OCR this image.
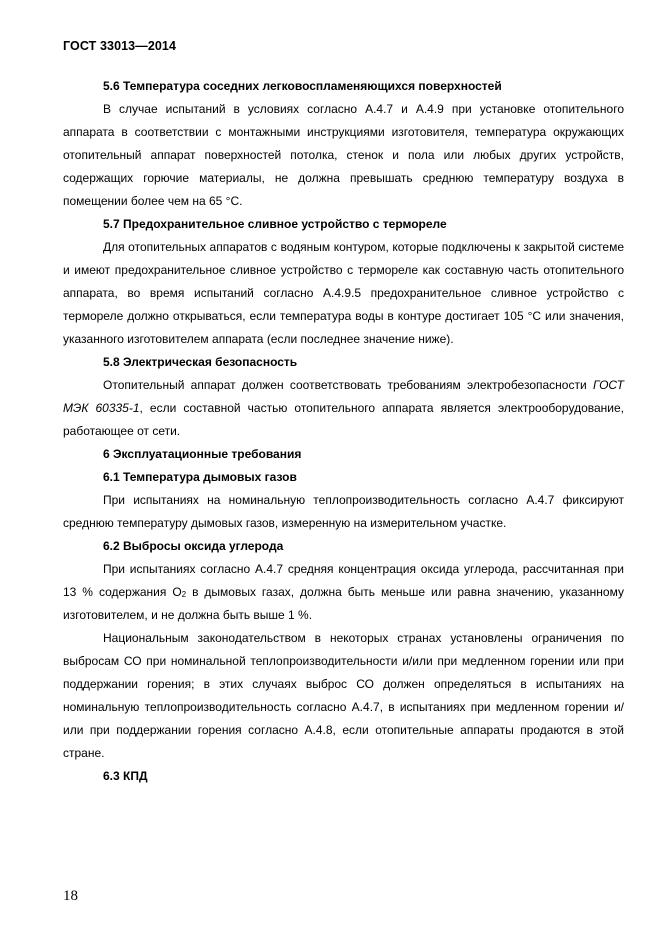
ГОСТ 33013—2014

5.6 Температура соседних легковоспламеняющихся поверхностей

В случае испытаний в условиях согласно А.4.7 и А.4.9 при установке отопительного аппарата в соответствии с монтажными инструкциями изготовителя, температура окружающих отопительный аппарат поверхностей потолка, стенок и пола или любых других устройств, содержащих горючие материалы, не должна превышать среднюю температуру воздуха в помещении более чем на 65 °С.

5.7 Предохранительное сливное устройство с термореле

Для отопительных аппаратов с водяным контуром, которые подключены к закрытой системе и имеют предохранительное сливное устройство с термореле как составную часть отопительного аппарата, во время испытаний согласно А.4.9.5 предохранительное сливное устройство с термореле должно открываться, если температура воды в контуре достигает 105 °С или значения, указанного изготовителем аппарата (если последнее значение ниже).

5.8 Электрическая безопасность

Отопительный аппарат должен соответствовать требованиям электробезопасности ГОСТ МЭК 60335-1, если составной частью отопительного аппарата является электрооборудование, работающее от сети.

6 Эксплуатационные требования

6.1 Температура дымовых газов

При испытаниях на номинальную теплопроизводительность согласно А.4.7 фиксируют среднюю температуру дымовых газов, измеренную на измерительном участке.

6.2 Выбросы оксида углерода

При испытаниях согласно А.4.7 средняя концентрация оксида углерода, рассчитанная при 13 % содержания $О_2$ в дымовых газах, должна быть меньше или равна значению, указанному изготовителем, и не должна быть выше 1 %.

Национальным законодательством в некоторых странах установлены ограничения по выбросам СО при номинальной теплопроизводительности и/или при медленном горении или при поддержании горения; в этих случаях выброс СО должен определяться в испытаниях на номинальную теплопроизводительность согласно А.4.7, в испытаниях при медленном горении и/или при поддержании горения согласно А.4.8, если отопительные аппараты продаются в этой стране.

6.3 КПД

18
